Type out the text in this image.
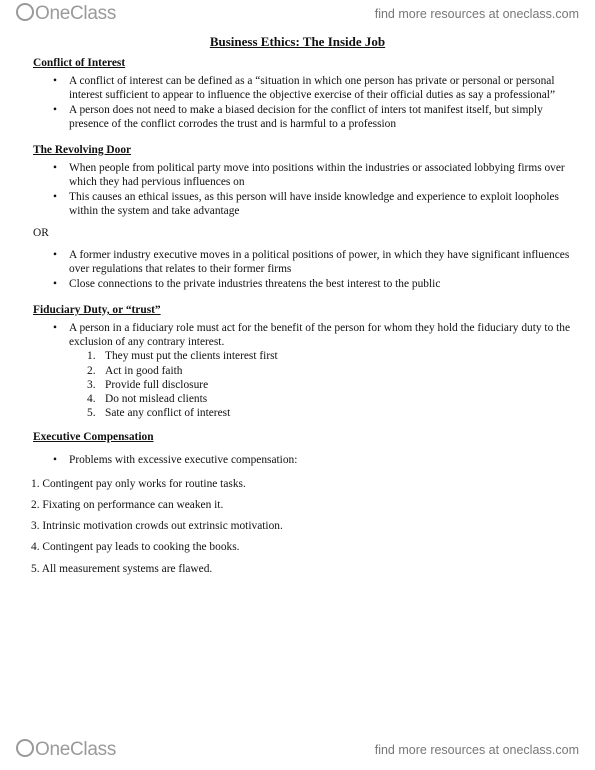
OneClass	find more resources at oneclass.com
Business Ethics: The Inside Job
Conflict of Interest
• A conflict of interest can be defined as a “situation in which one person has private or personal or personal interest sufficient to appear to influence the objective exercise of their official duties as say a professional”
• A person does not need to make a biased decision for the conflict of inters tot manifest itself, but simply presence of the conflict corrodes the trust and is harmful to a profession
The Revolving Door
• When people from political party move into positions within the industries or associated lobbying firms over which they had pervious influences on
• This causes an ethical issues, as this person will have inside knowledge and experience to exploit loopholes within the system and take advantage
OR
• A former industry executive moves in a political positions of power, in which they have significant influences over regulations that relates to their former firms
• Close connections to the private industries threatens the best interest to the public
Fiduciary Duty, or “trust”
• A person in a fiduciary role must act for the benefit of the person for whom they hold the fiduciary duty to the exclusion of any contrary interest.
1. They must put the clients interest first
2. Act in good faith
3. Provide full disclosure
4. Do not mislead clients
5. Sate any conflict of interest
Executive Compensation
• Problems with excessive executive compensation:
1. Contingent pay only works for routine tasks.
2. Fixating on performance can weaken it.
3. Intrinsic motivation crowds out extrinsic motivation.
4. Contingent pay leads to cooking the books.
5. All measurement systems are flawed.
OneClass	find more resources at oneclass.com
